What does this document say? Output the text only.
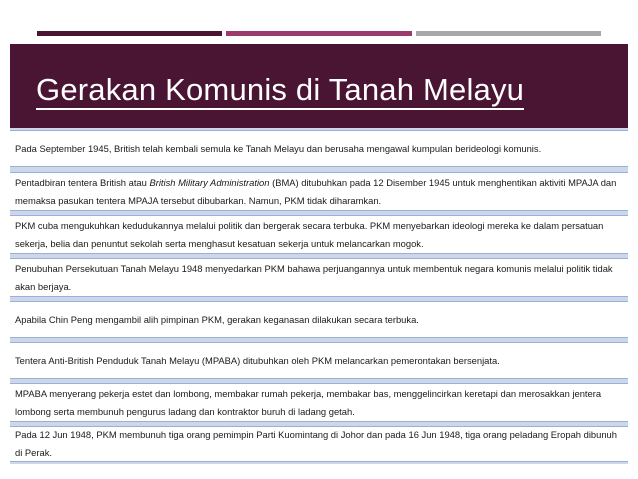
Gerakan Komunis di Tanah Melayu
Pada September 1945, British telah kembali semula ke Tanah Melayu dan berusaha mengawal kumpulan berideologi komunis.
Pentadbiran tentera British atau British Military Administration (BMA) ditubuhkan pada 12 Disember 1945 untuk menghentikan aktiviti MPAJA dan memaksa pasukan tentera MPAJA tersebut dibubarkan. Namun, PKM tidak diharamkan.
PKM cuba mengukuhkan kedudukannya melalui politik dan bergerak secara terbuka. PKM menyebarkan ideologi mereka ke dalam persatuan sekerja, belia dan penuntut sekolah serta menghasut kesatuan sekerja untuk melancarkan mogok.
Penubuhan Persekutuan Tanah Melayu 1948 menyedarkan PKM bahawa perjuangannya untuk membentuk negara komunis melalui politik tidak akan berjaya.
Apabila Chin Peng mengambil alih pimpinan PKM, gerakan keganasan dilakukan secara terbuka.
Tentera Anti-British Penduduk Tanah Melayu (MPABA) ditubuhkan oleh PKM melancarkan pemerontakan bersenjata.
MPABA menyerang pekerja estet dan lombong, membakar rumah pekerja, membakar bas, menggelincirkan keretapi dan merosakkan jentera lombong serta membunuh pengurus ladang dan kontraktor buruh di ladang getah.
Pada 12 Jun 1948, PKM membunuh tiga orang pemimpin Parti Kuomintang di Johor dan pada 16 Jun 1948, tiga orang peladang Eropah dibunuh di Perak.
